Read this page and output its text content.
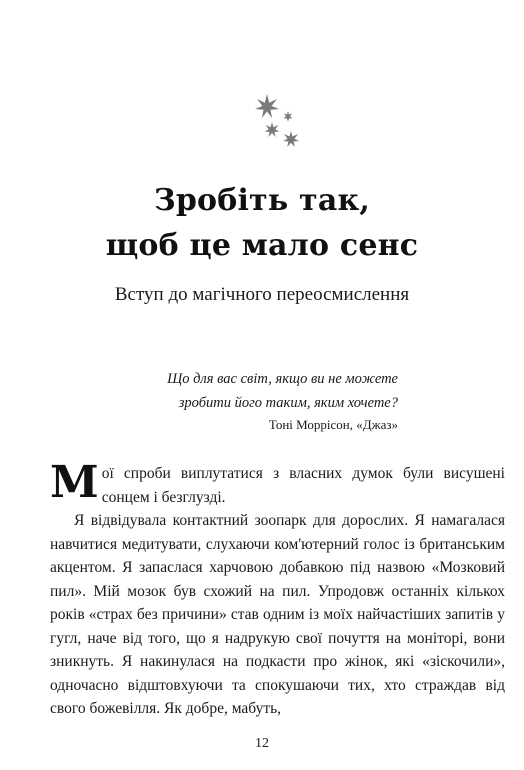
Зробіть так,
щоб це мало сенс
Вступ до магічного переосмислення
Що для вас світ, якщо ви не можете
зробити його таким, яким хочете?
Тоні Моррісон, «Джаз»

Мої спроби виплутатися з власних думок були висушені сонцем і безглузді.

Я відвідувала контактний зоопарк для дорослих. Я намагалася навчитися медитувати, слухаючи ком'ютерний голос із британським акцентом. Я запаслася харчовою добавкою під назвою «Мозковий пил». Мій мозок був схожий на пил. Упродовж останніх кількох років «страх без причини» став одним із моїх найчастіших запитів у гугл, наче від того, що я надрукую свої почуття на моніторі, вони зникнуть. Я накинулася на подкасти про жінок, які «зіскочили», одночасно відштовхуючи та спокушаючи тих, хто страждав від свого божевілля. Як добре, мабуть,

12
